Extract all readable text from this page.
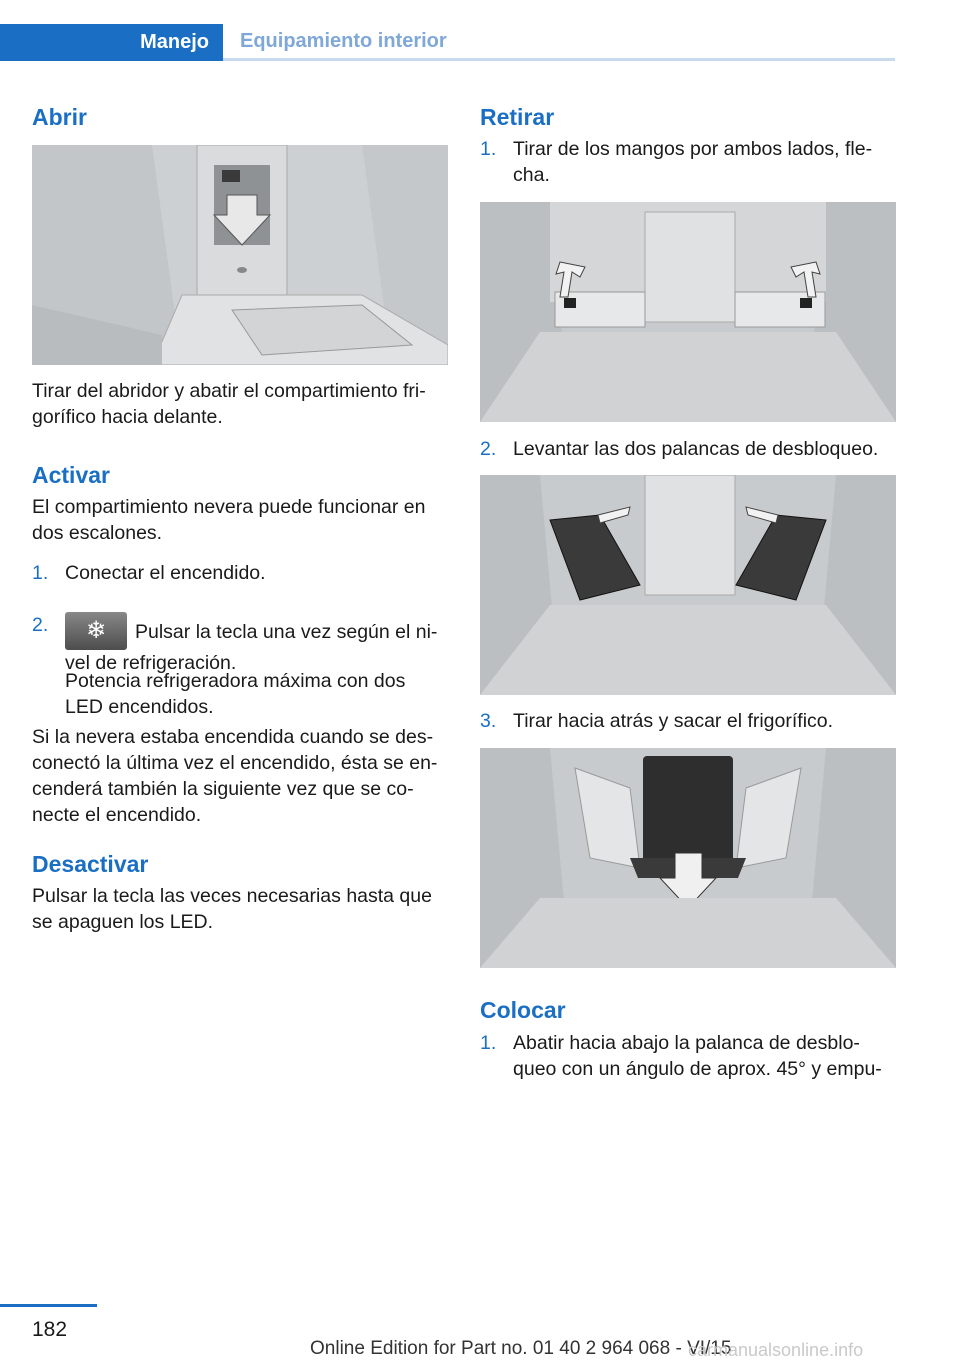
Manejo	Equipamiento interior
Abrir

Tirar del abridor y abatir el compartimiento fri-gorífico hacia delante.

Activar

El compartimiento nevera puede funcionar en dos escalones.

1. Conectar el encendido.
2.	❄	Pulsar la tecla una vez según el ni-vel de refrigeración.

Potencia refrigeradora máxima con dos LED encendidos.

Si la nevera estaba encendida cuando se des-conectó la última vez el encendido, ésta se en-cenderá también la siguiente vez que se co-necte el encendido.

Desactivar

Pulsar la tecla las veces necesarias hasta que se apaguen los LED.

Retirar
1. Tirar de los mangos por ambos lados, fle-cha.
2. Levantar las dos palancas de desbloqueo.
3. Tirar hacia atrás y sacar el frigorífico.
Colocar
1. Abatir hacia abajo la palanca de desblo-queo con un ángulo de aprox. 45° y empu-
182
Online Edition for Part no. 01 40 2 964 068 - VI/15
carmanualsonline.info
